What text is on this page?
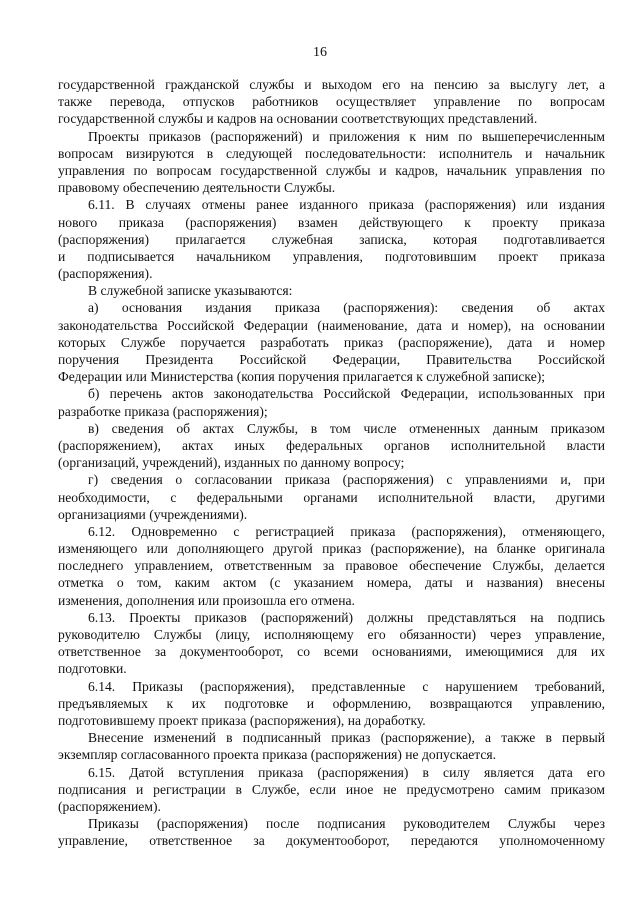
16
государственной гражданской службы и выходом его на пенсию за выслугу лет, а
также перевода, отпусков работников осуществляет управление по вопросам
государственной службы и кадров на основании соответствующих представлений.
Проекты приказов (распоряжений) и приложения к ним по вышеперечисленным
вопросам визируются в следующей последовательности: исполнитель и начальник
управления по вопросам государственной службы и кадров, начальник управления по
правовому обеспечению деятельности Службы.
6.11. В случаях отмены ранее изданного приказа (распоряжения) или издания
нового приказа (распоряжения) взамен действующего к проекту приказа
(распоряжения) прилагается служебная записка, которая подготавливается
и подписывается начальником управления, подготовившим проект приказа
(распоряжения).
В служебной записке указываются:
а) основания издания приказа (распоряжения): сведения об актах
законодательства Российской Федерации (наименование, дата и номер), на основании
которых Службе поручается разработать приказ (распоряжение), дата и номер
поручения Президента Российской Федерации, Правительства Российской
Федерации или Министерства (копия поручения прилагается к служебной записке);
б) перечень актов законодательства Российской Федерации, использованных при
разработке приказа (распоряжения);
в) сведения об актах Службы, в том числе отмененных данным приказом
(распоряжением), актах иных федеральных органов исполнительной власти
(организаций, учреждений), изданных по данному вопросу;
г) сведения о согласовании приказа (распоряжения) с управлениями и, при
необходимости, с федеральными органами исполнительной власти, другими
организациями (учреждениями).
6.12. Одновременно с регистрацией приказа (распоряжения), отменяющего,
изменяющего или дополняющего другой приказ (распоряжение), на бланке оригинала
последнего управлением, ответственным за правовое обеспечение Службы, делается
отметка о том, каким актом (с указанием номера, даты и названия) внесены
изменения, дополнения или произошла его отмена.
6.13. Проекты приказов (распоряжений) должны представляться на подпись
руководителю Службы (лицу, исполняющему его обязанности) через управление,
ответственное за документооборот, со всеми основаниями, имеющимися для их
подготовки.
6.14. Приказы (распоряжения), представленные с нарушением требований,
предъявляемых к их подготовке и оформлению, возвращаются управлению,
подготовившему проект приказа (распоряжения), на доработку.
Внесение изменений в подписанный приказ (распоряжение), а также в первый
экземпляр согласованного проекта приказа (распоряжения) не допускается.
6.15. Датой вступления приказа (распоряжения) в силу является дата его
подписания и регистрации в Службе, если иное не предусмотрено самим приказом
(распоряжением).
Приказы (распоряжения) после подписания руководителем Службы через
управление, ответственное за документооборот, передаются уполномоченному
